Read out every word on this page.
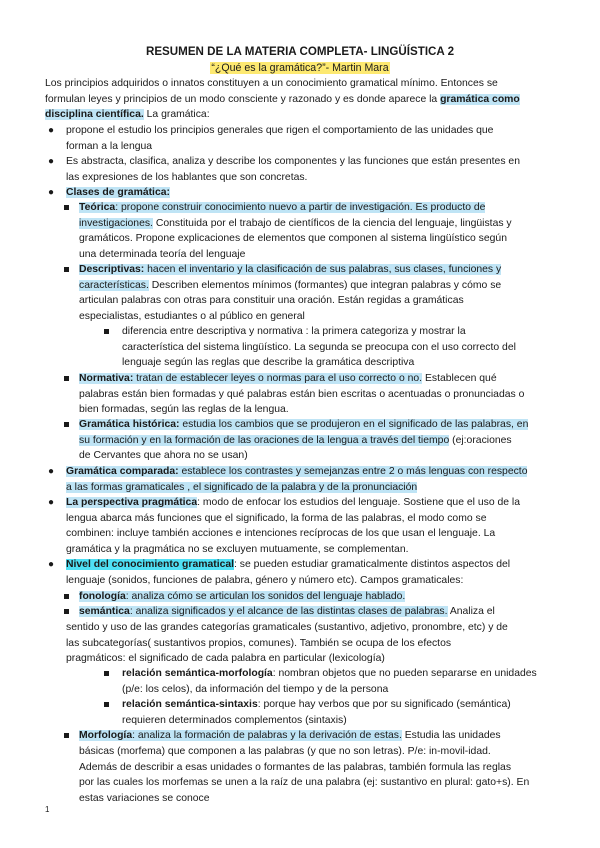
RESUMEN DE LA MATERIA COMPLETA- LINGÜÍSTICA 2
“¿Qué es la gramática?”- Martin Mara
Los principios adquiridos o innatos constituyen a un conocimiento gramatical mínimo. Entonces se
formulan leyes y principios de un modo consciente y razonado y es donde aparece la gramática como
disciplina científica. La gramática:
● propone el estudio los principios generales que rigen el comportamiento de las unidades que
forman a la lengua
● Es abstracta, clasifica, analiza y describe los componentes y las funciones que están presentes en
las expresiones de los hablantes que son concretas.
● Clases de gramática:
Teórica: propone construir conocimiento nuevo a partir de investigación. Es producto de
investigaciones. Constituida por el trabajo de científicos de la ciencia del lenguaje, lingüistas y
gramáticos. Propone explicaciones de elementos que componen al sistema lingüístico según
una determinada teoría del lenguaje
Descriptivas: hacen el inventario y la clasificación de sus palabras, sus clases, funciones y
características. Describen elementos mínimos (formantes) que integran palabras y cómo se
articulan palabras con otras para constituir una oración. Están regidas a gramáticas
especialistas, estudiantes o al público en general
diferencia entre descriptiva y normativa : la primera categoriza y mostrar la
característica del sistema lingüístico. La segunda se preocupa con el uso correcto del
lenguaje según las reglas que describe la gramática descriptiva
Normativa: tratan de establecer leyes o normas para el uso correcto o no. Establecen qué
palabras están bien formadas y qué palabras están bien escritas o acentuadas o pronunciadas o
bien formadas, según las reglas de la lengua.
Gramática histórica: estudia los cambios que se produjeron en el significado de las palabras, en
su formación y en la formación de las oraciones de la lengua a través del tiempo (ej:oraciones
de Cervantes que ahora no se usan)
● Gramática comparada: establece los contrastes y semejanzas entre 2 o más lenguas con respecto
a las formas gramaticales , el significado de la palabra y de la pronunciación
● La perspectiva pragmática: modo de enfocar los estudios del lenguaje. Sostiene que el uso de la
lengua abarca más funciones que el significado, la forma de las palabras, el modo como se
combinen: incluye también acciones e intenciones recíprocas de los que usan el lenguaje. La
gramática y la pragmática no se excluyen mutuamente, se complementan.
● Nivel del conocimiento gramatical: se pueden estudiar gramaticalmente distintos aspectos del
lenguaje (sonidos, funciones de palabra, género y número etc). Campos gramaticales:
fonología: analiza cómo se articulan los sonidos del lenguaje hablado.
semántica: analiza significados y el alcance de las distintas clases de palabras. Analiza el
sentido y uso de las grandes categorías gramaticales (sustantivo, adjetivo, pronombre, etc) y de
las subcategorías( sustantivos propios, comunes). También se ocupa de los efectos
pragmáticos: el significado de cada palabra en particular (lexicología)
relación semántica-morfología: nombran objetos que no pueden separarse en unidades
(p/e: los celos), da información del tiempo y de la persona
relación semántica-sintaxis: porque hay verbos que por su significado (semántica)
requieren determinados complementos (sintaxis)
Morfología: analiza la formación de palabras y la derivación de estas. Estudia las unidades
básicas (morfema) que componen a las palabras (y que no son letras). P/e: in-movil-idad.
Además de describir a esas unidades o formantes de las palabras, también formula las reglas
por las cuales los morfemas se unen a la raíz de una palabra (ej: sustantivo en plural: gato+s). En
estas variaciones se conoce
1
